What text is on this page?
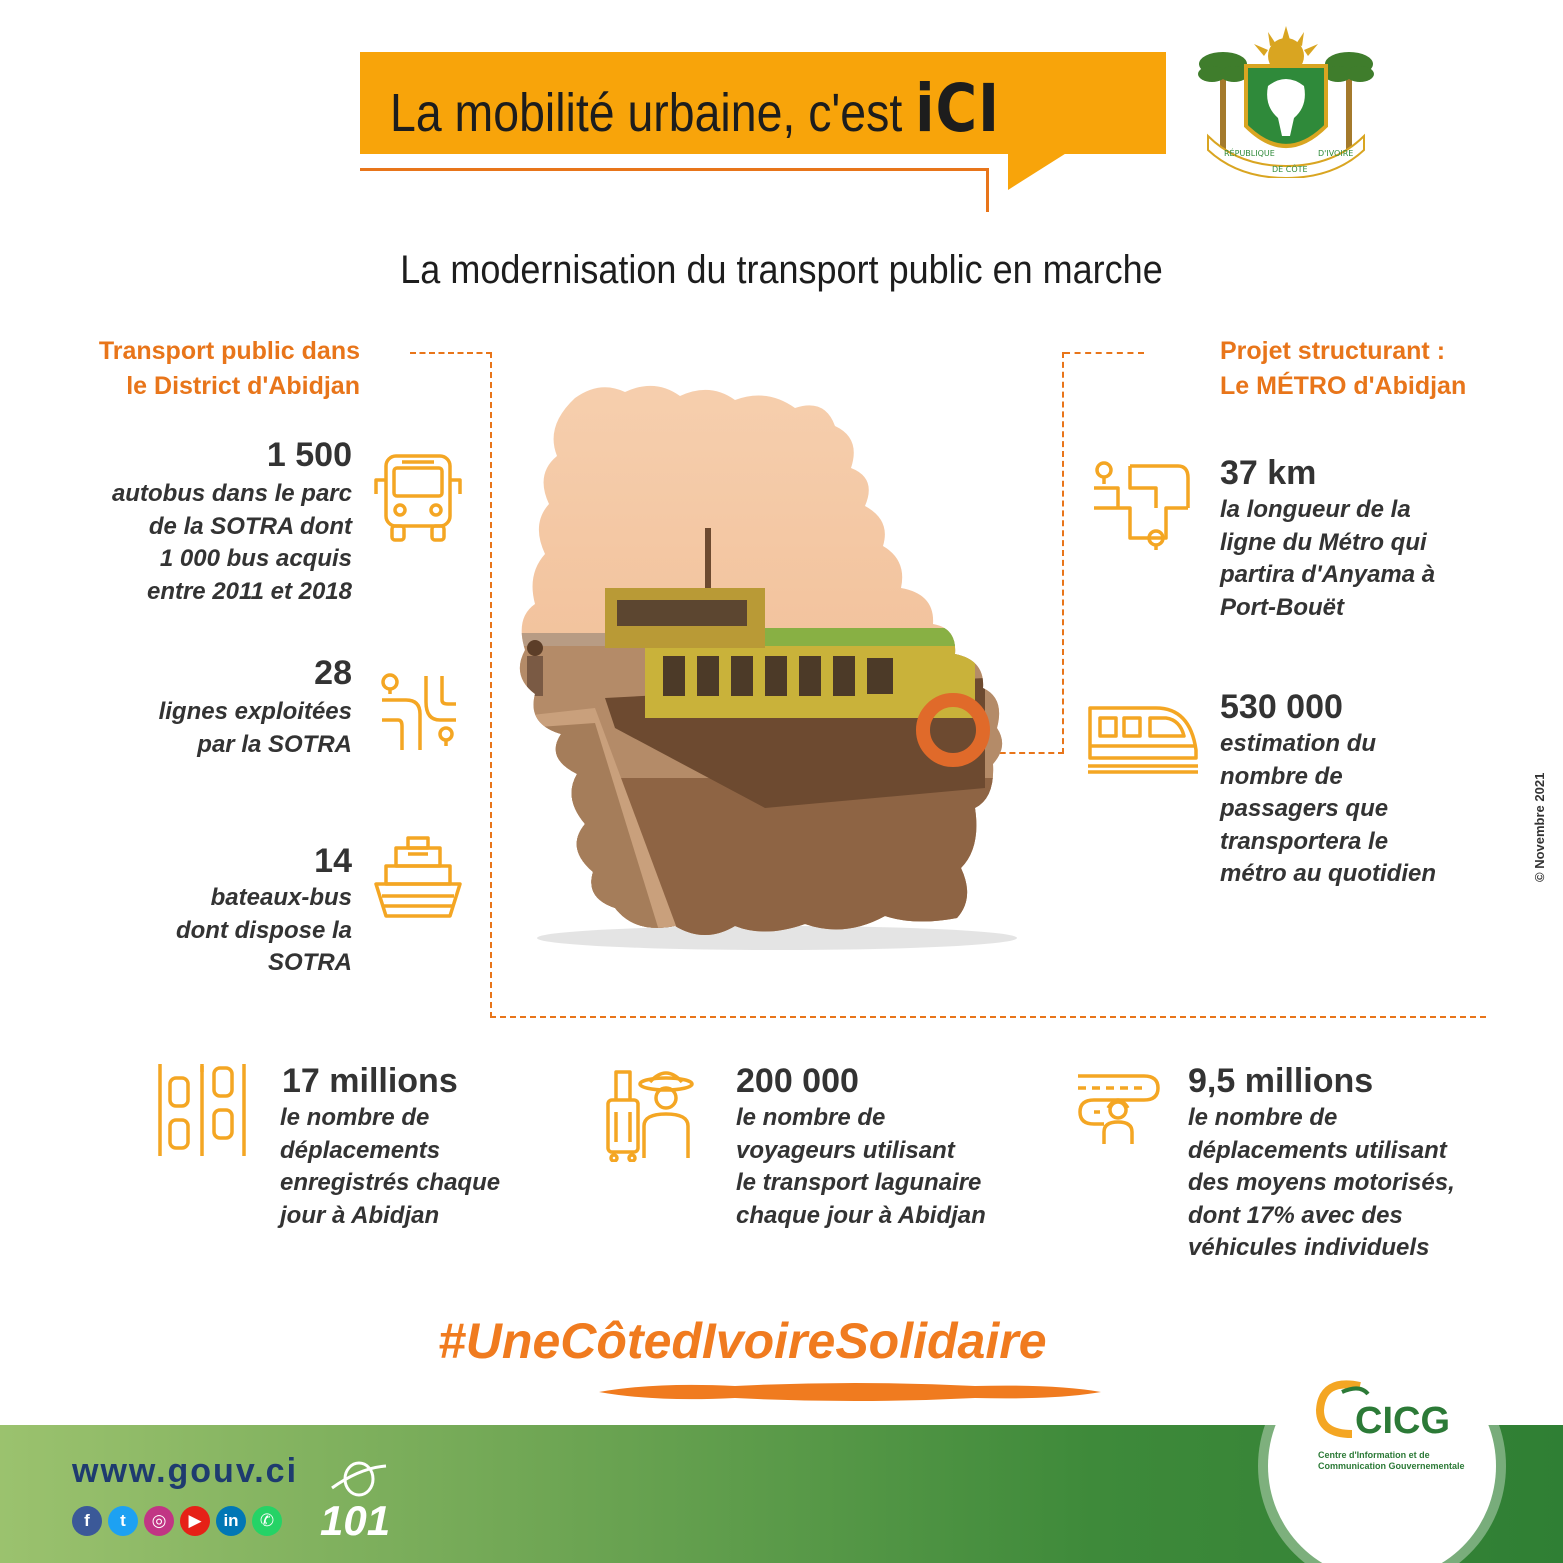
La mobilité urbaine, c'est iCI
RÉPUBLIQUE
DE CÔTE
D'IVOIRE
La modernisation du transport public en marche
Transport public dans
le District d'Abidjan
Projet structurant :
Le MÉTRO d'Abidjan
1 500
autobus dans le parc
de la SOTRA dont
1 000 bus acquis
entre 2011 et 2018
28
lignes exploitées
par la SOTRA
14
bateaux-bus
dont dispose la
SOTRA
37 km
la longueur de la
ligne du Métro qui
partira d'Anyama à
Port-Bouët
530 000
estimation du
nombre de
passagers que
transportera le
métro au quotidien	© Novembre 2021
17 millions
le nombre de
déplacements
enregistrés chaque
jour à Abidjan
200 000
le nombre de
voyageurs utilisant
le transport lagunaire
chaque jour à Abidjan
9,5 millions
le nombre de
déplacements utilisant
des moyens motorisés,
dont 17% avec des
véhicules individuels
#UneCôtedIvoireSolidaire
www.gouv.ci
f	t	◎	▶	in	✆ 101
CICG
Centre d'Information et de Communication Gouvernementale
